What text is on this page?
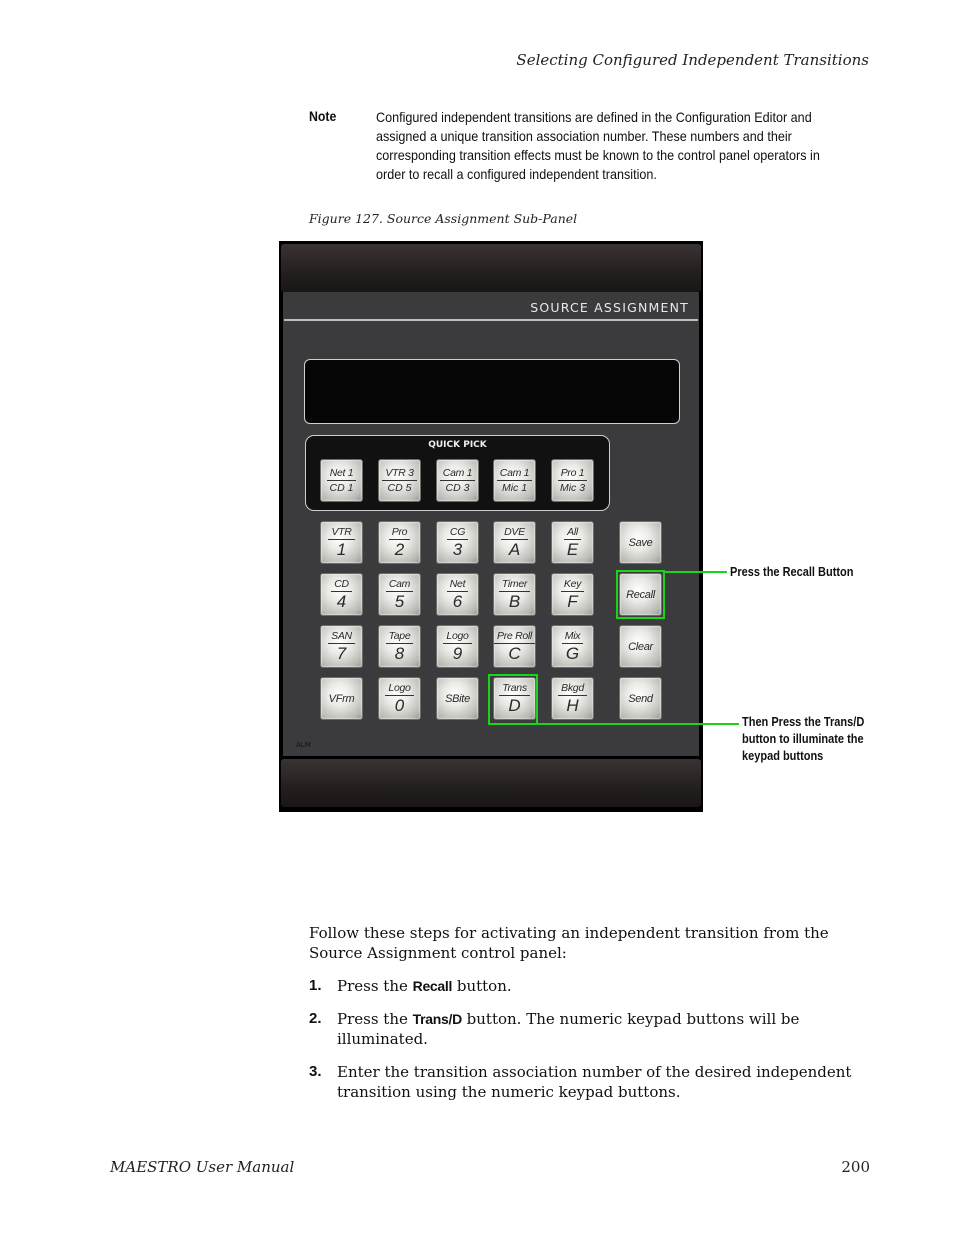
Selecting Configured Independent Transitions
Note	Configured independent transitions are defined in the Configuration Editor and assigned a unique transition association number. These numbers and their corresponding transition effects must be known to the control panel operators in order to recall a configured independent transition.
Figure 127. Source Assignment Sub-Panel
SOURCE ASSIGNMENT
QUICK PICK
Net 1
CD 1
VTR 3
CD 5
Cam 1
CD 3
Cam 1
Mic 1
Pro 1
Mic 3
VTR
1
Pro
2
CG
3
DVE
A
All
E	Save
CD
4
Cam
5
Net
6
Timer
B
Key
F	Recall
SAN
7
Tape
8
Logo
9
Pre Roll
C
Mix
G	Clear
VFrm
Logo
0	SBite
Trans
D
Bkgd
H	Send
ALM
Press the Recall Button
Then Press the Trans/D
button to illuminate the
keypad buttons
Follow these steps for activating an independent transition from the Source Assignment control panel:
1. Press the Recall button.
2. Press the Trans/D button. The numeric keypad buttons will be illuminated.
3. Enter the transition association number of the desired independent transition using the numeric keypad buttons.
MAESTRO User Manual	200
